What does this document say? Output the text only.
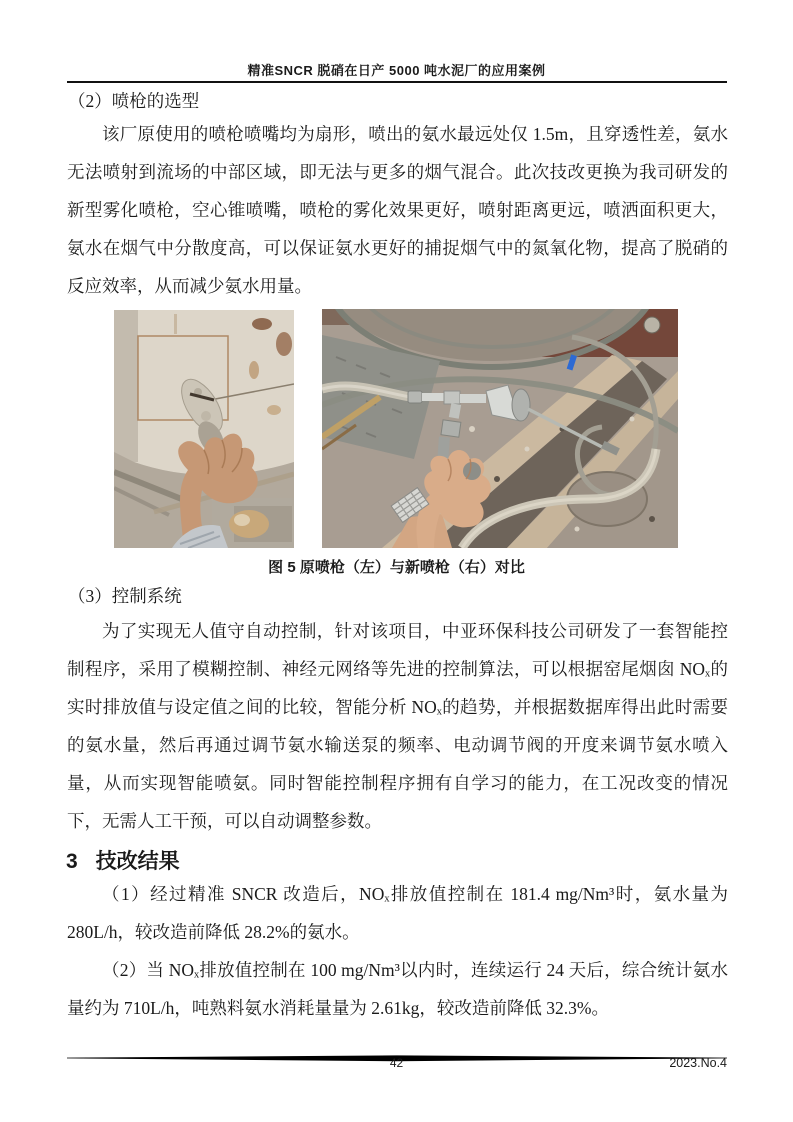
精准SNCR 脱硝在日产 5000 吨水泥厂的应用案例
（2）喷枪的选型
该厂原使用的喷枪喷嘴均为扇形，喷出的氨水最远处仅 1.5m，且穿透性差，氨水无法喷射到流场的中部区域，即无法与更多的烟气混合。此次技改更换为我司研发的新型雾化喷枪，空心锥喷嘴，喷枪的雾化效果更好，喷射距离更远，喷洒面积更大，氨水在烟气中分散度高，可以保证氨水更好的捕捉烟气中的氮氧化物，提高了脱硝的反应效率，从而减少氨水用量。
图 5 原喷枪（左）与新喷枪（右）对比
（3）控制系统
为了实现无人值守自动控制，针对该项目，中亚环保科技公司研发了一套智能控制程序，采用了模糊控制、神经元网络等先进的控制算法，可以根据窑尾烟囱 NOₓ的实时排放值与设定值之间的比较，智能分析 NOₓ的趋势，并根据数据库得出此时需要的氨水量，然后再通过调节氨水输送泵的频率、电动调节阀的开度来调节氨水喷入量，从而实现智能喷氨。同时智能控制程序拥有自学习的能力，在工况改变的情况下，无需人工干预，可以自动调整参数。
3 技改结果
（1）经过精准 SNCR 改造后，NOₓ排放值控制在 181.4 mg/Nm³时，氨水量为 280L/h，较改造前降低 28.2%的氨水。
（2）当 NOₓ排放值控制在 100 mg/Nm³以内时，连续运行 24 天后，综合统计氨水量约为 710L/h，吨熟料氨水消耗量量为 2.61kg，较改造前降低 32.3%。
42	2023.No.4
